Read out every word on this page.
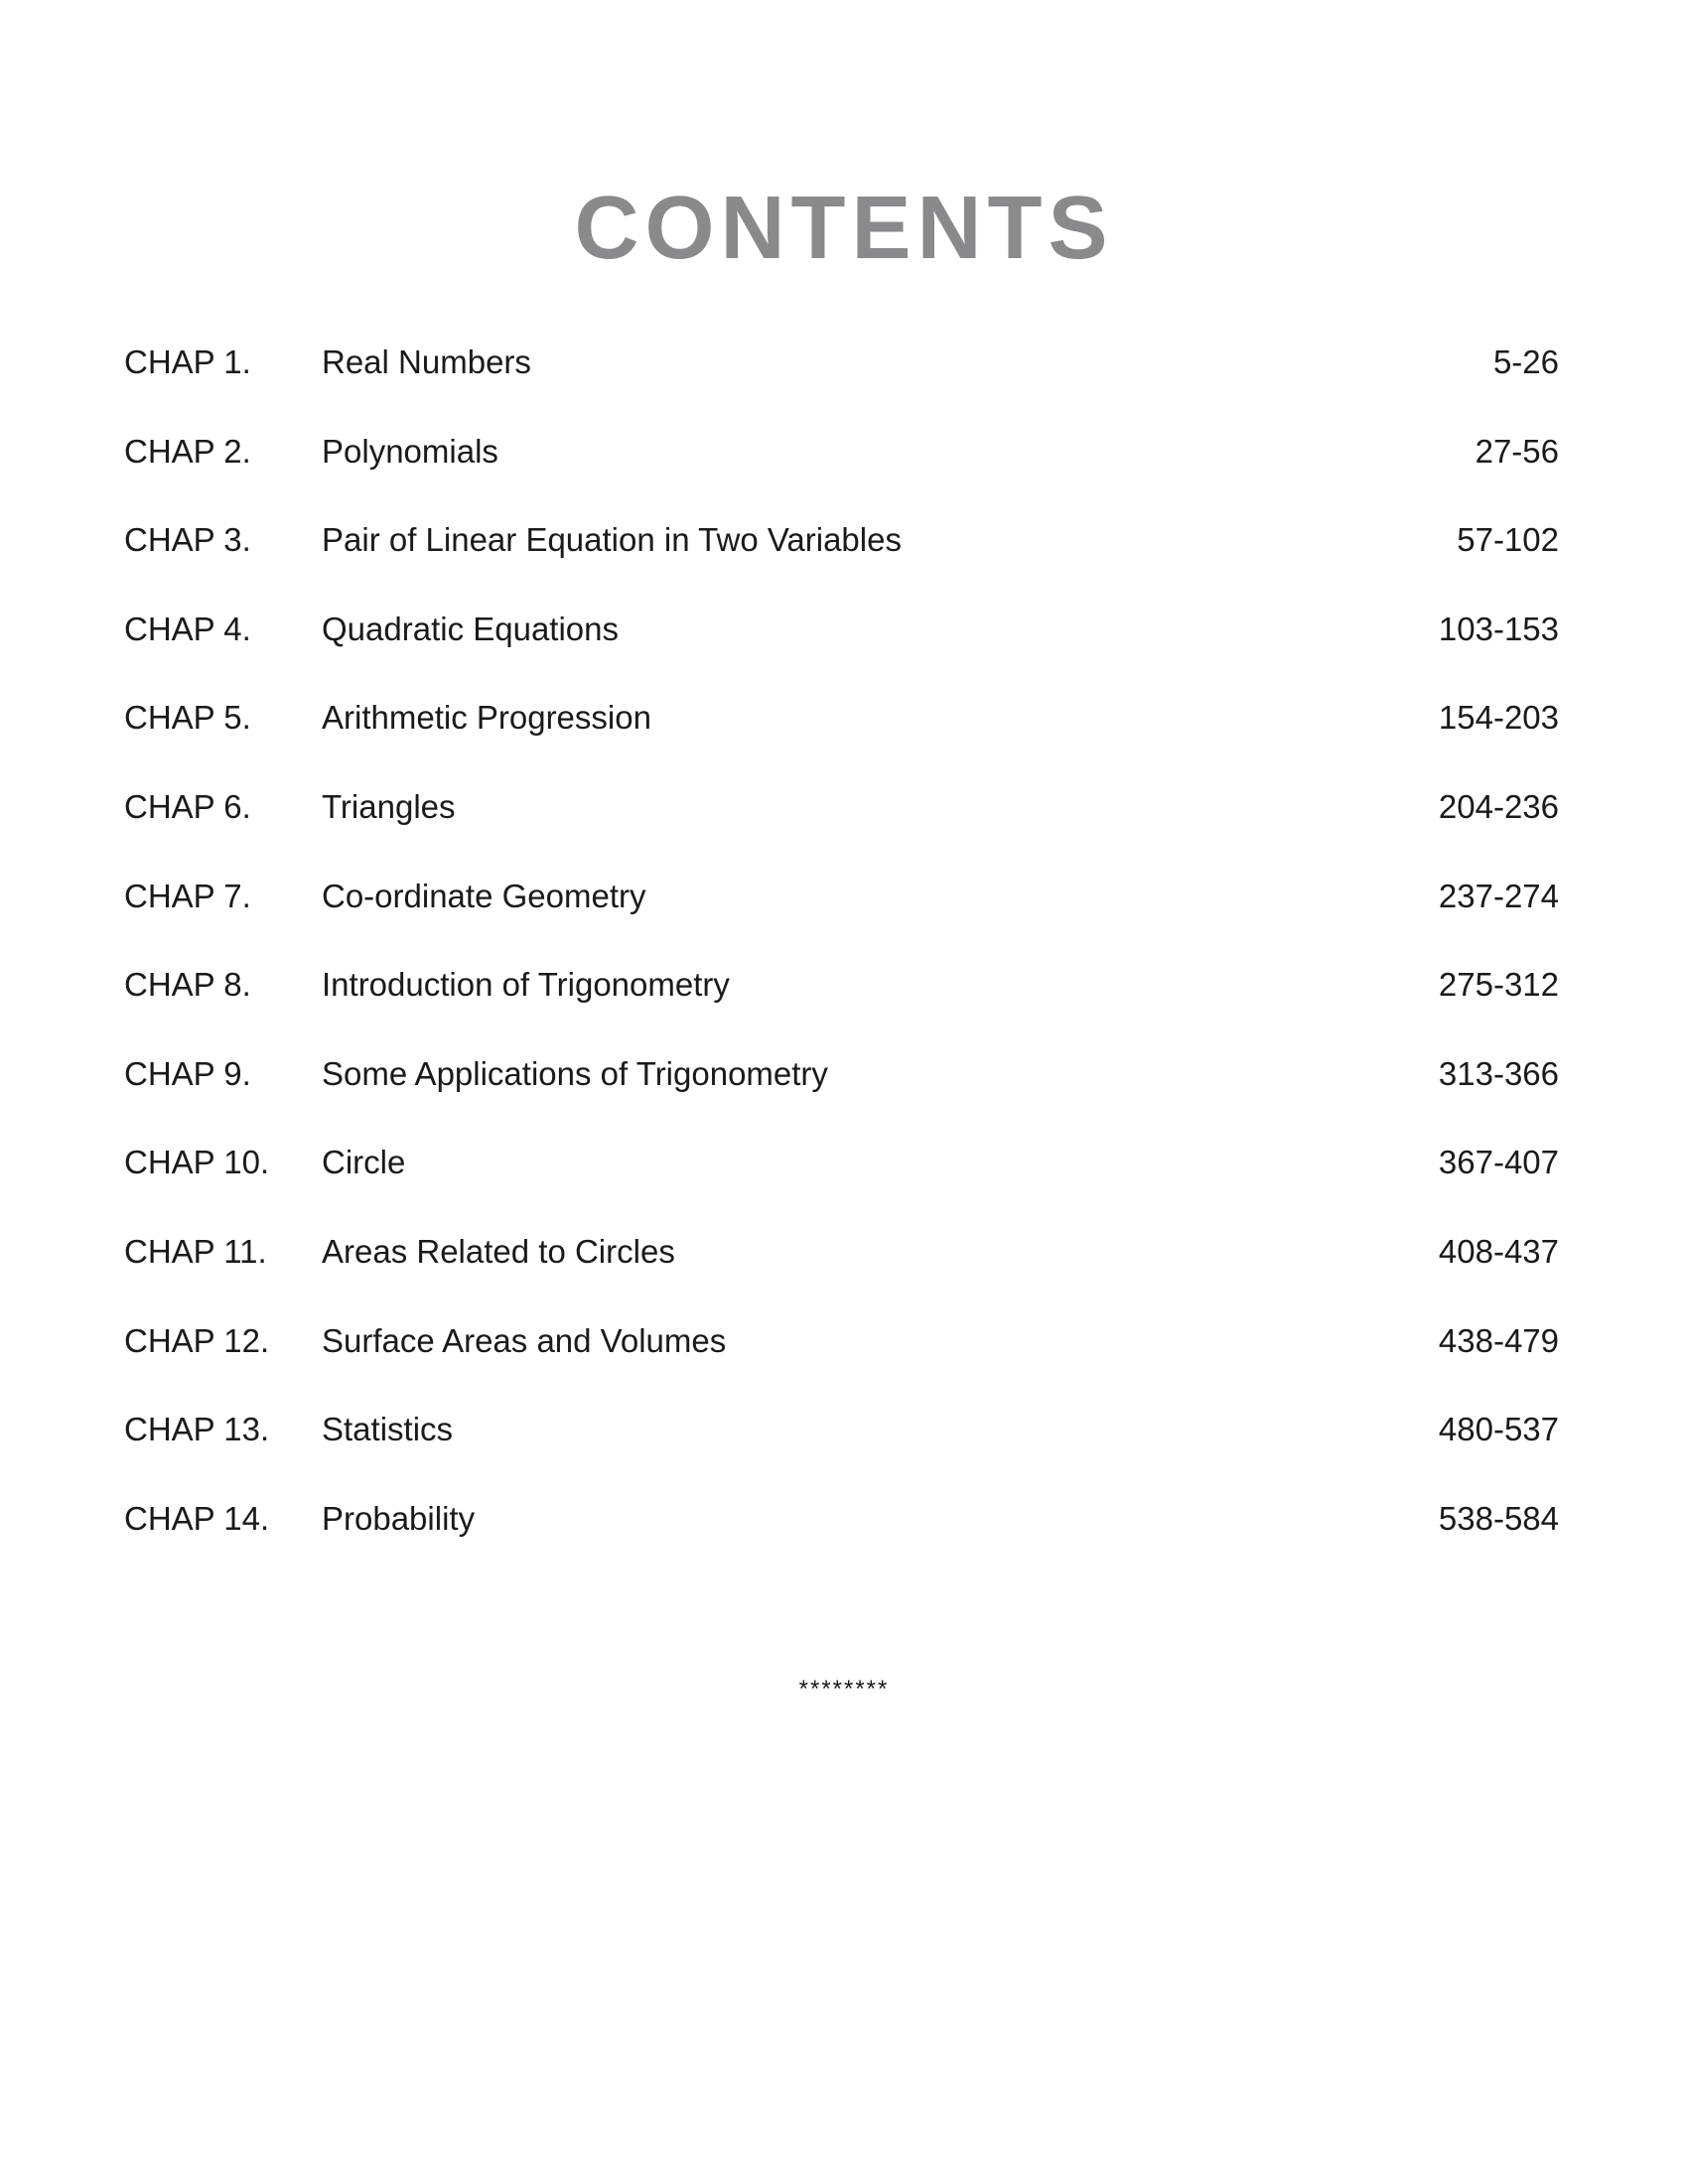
CONTENTS
CHAP 1. Real Numbers	5-26
CHAP 2. Polynomials	27-56
CHAP 3. Pair of Linear Equation in Two Variables	57-102
CHAP 4. Quadratic Equations	103-153
CHAP 5. Arithmetic Progression	154-203
CHAP 6. Triangles	204-236
CHAP 7. Co-ordinate Geometry	237-274
CHAP 8. Introduction of Trigonometry	275-312
CHAP 9. Some Applications of Trigonometry	313-366
CHAP 10. Circle	367-407
CHAP 11. Areas Related to Circles	408-437
CHAP 12. Surface Areas and Volumes	438-479
CHAP 13. Statistics	480-537
CHAP 14. Probability	538-584
********
